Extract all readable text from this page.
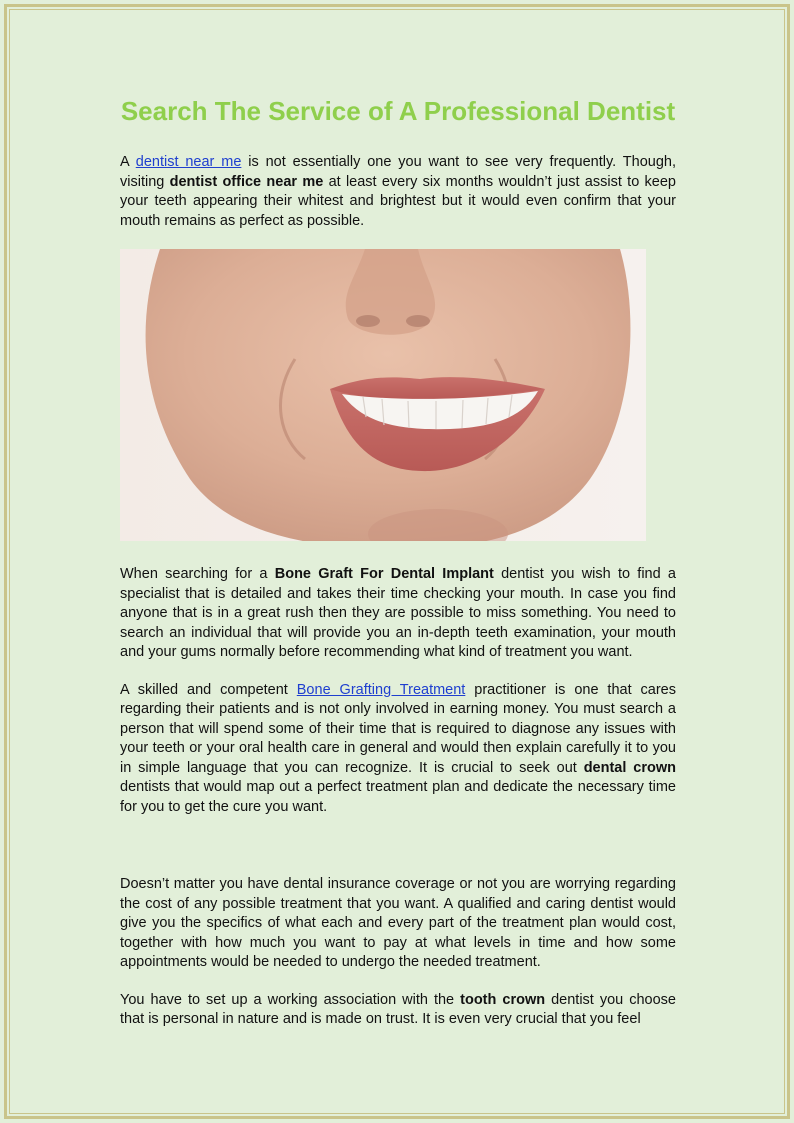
Search The Service of A Professional Dentist

A dentist near me is not essentially one you want to see very frequently. Though, visiting dentist office near me at least every six months wouldn’t just assist to keep your teeth appearing their whitest and brightest but it would even confirm that your mouth remains as perfect as possible.

When searching for a Bone Graft For Dental Implant dentist you wish to find a specialist that is detailed and takes their time checking your mouth. In case you find anyone that is in a great rush then they are possible to miss something. You need to search an individual that will provide you an in-depth teeth examination, your mouth and your gums normally before recommending what kind of treatment you want.

A skilled and competent Bone Grafting Treatment practitioner is one that cares regarding their patients and is not only involved in earning money. You must search a person that will spend some of their time that is required to diagnose any issues with your teeth or your oral health care in general and would then explain carefully it to you in simple language that you can recognize. It is crucial to seek out dental crown dentists that would map out a perfect treatment plan and dedicate the necessary time for you to get the cure you want.

Doesn’t matter you have dental insurance coverage or not you are worrying regarding the cost of any possible treatment that you want. A qualified and caring dentist would give you the specifics of what each and every part of the treatment plan would cost, together with how much you want to pay at what levels in time and how some appointments would be needed to undergo the needed treatment.

You have to set up a working association with the tooth crown dentist you choose that is personal in nature and is made on trust. It is even very crucial that you feel
